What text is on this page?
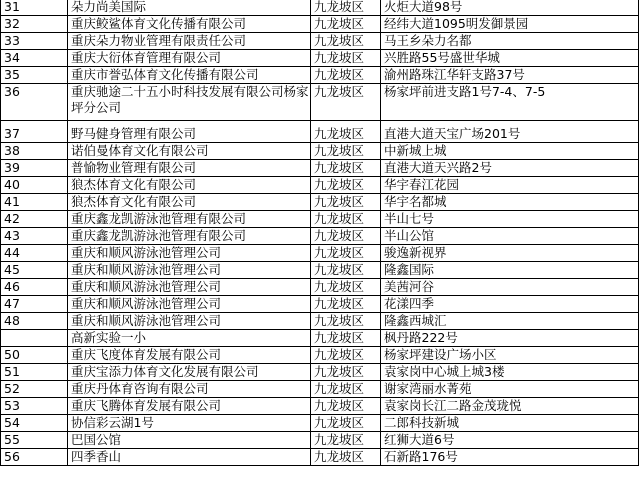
31	朵力尚美国际	九龙坡区	火炬大道98号
32	重庆鲛鲨体育文化传播有限公司	九龙坡区	经纬大道1095明发御景园
33	重庆朵力物业管理有限责任公司	九龙坡区	马王乡朵力名都
34	重庆大衍体育管理有限公司	九龙坡区	兴胜路55号盛世华城
35	重庆市誉弘体育文化传播有限公司	九龙坡区	渝州路珠江华轩支路37号
36	重庆驰途二十五小时科技发展有限公司杨家坪分公司	九龙坡区	杨家坪前进支路1号7-4、7-5
37	野马健身管理有限公司	九龙坡区	直港大道天宝广场201号
38	诺伯曼体育文化有限公司	九龙坡区	中新城上城
39	普愉物业管理有限公司	九龙坡区	直港大道天兴路2号
40	狼杰体育文化有限公司	九龙坡区	华宇春江花园
41	狼杰体育文化有限公司	九龙坡区	华宇名都城
42	重庆鑫龙凯游泳池管理有限公司	九龙坡区	半山七号
43	重庆鑫龙凯游泳池管理有限公司	九龙坡区	半山公馆
44	重庆和顺风游泳池管理公司	九龙坡区	骏逸新视界
45	重庆和顺风游泳池管理公司	九龙坡区	隆鑫国际
46	重庆和顺风游泳池管理公司	九龙坡区	美茜河谷
47	重庆和顺风游泳池管理公司	九龙坡区	花漾四季
48	重庆和顺风游泳池管理公司	九龙坡区	隆鑫西城汇
	高新实验一小	九龙坡区	枫丹路222号
50	重庆飞度体育发展有限公司	九龙坡区	杨家坪建设广场小区
51	重庆宝添力体育文化发展有限公司	九龙坡区	袁家岗中心城上城3楼
52	重庆丹体育咨询有限公司	九龙坡区	谢家湾丽水菁苑
53	重庆飞腾体育发展有限公司	九龙坡区	袁家岗长江二路金茂珑悦
54	协信彩云湖1号	九龙坡区	二郎科技新城
55	巴国公馆	九龙坡区	红狮大道6号
56	四季香山	九龙坡区	石新路176号
